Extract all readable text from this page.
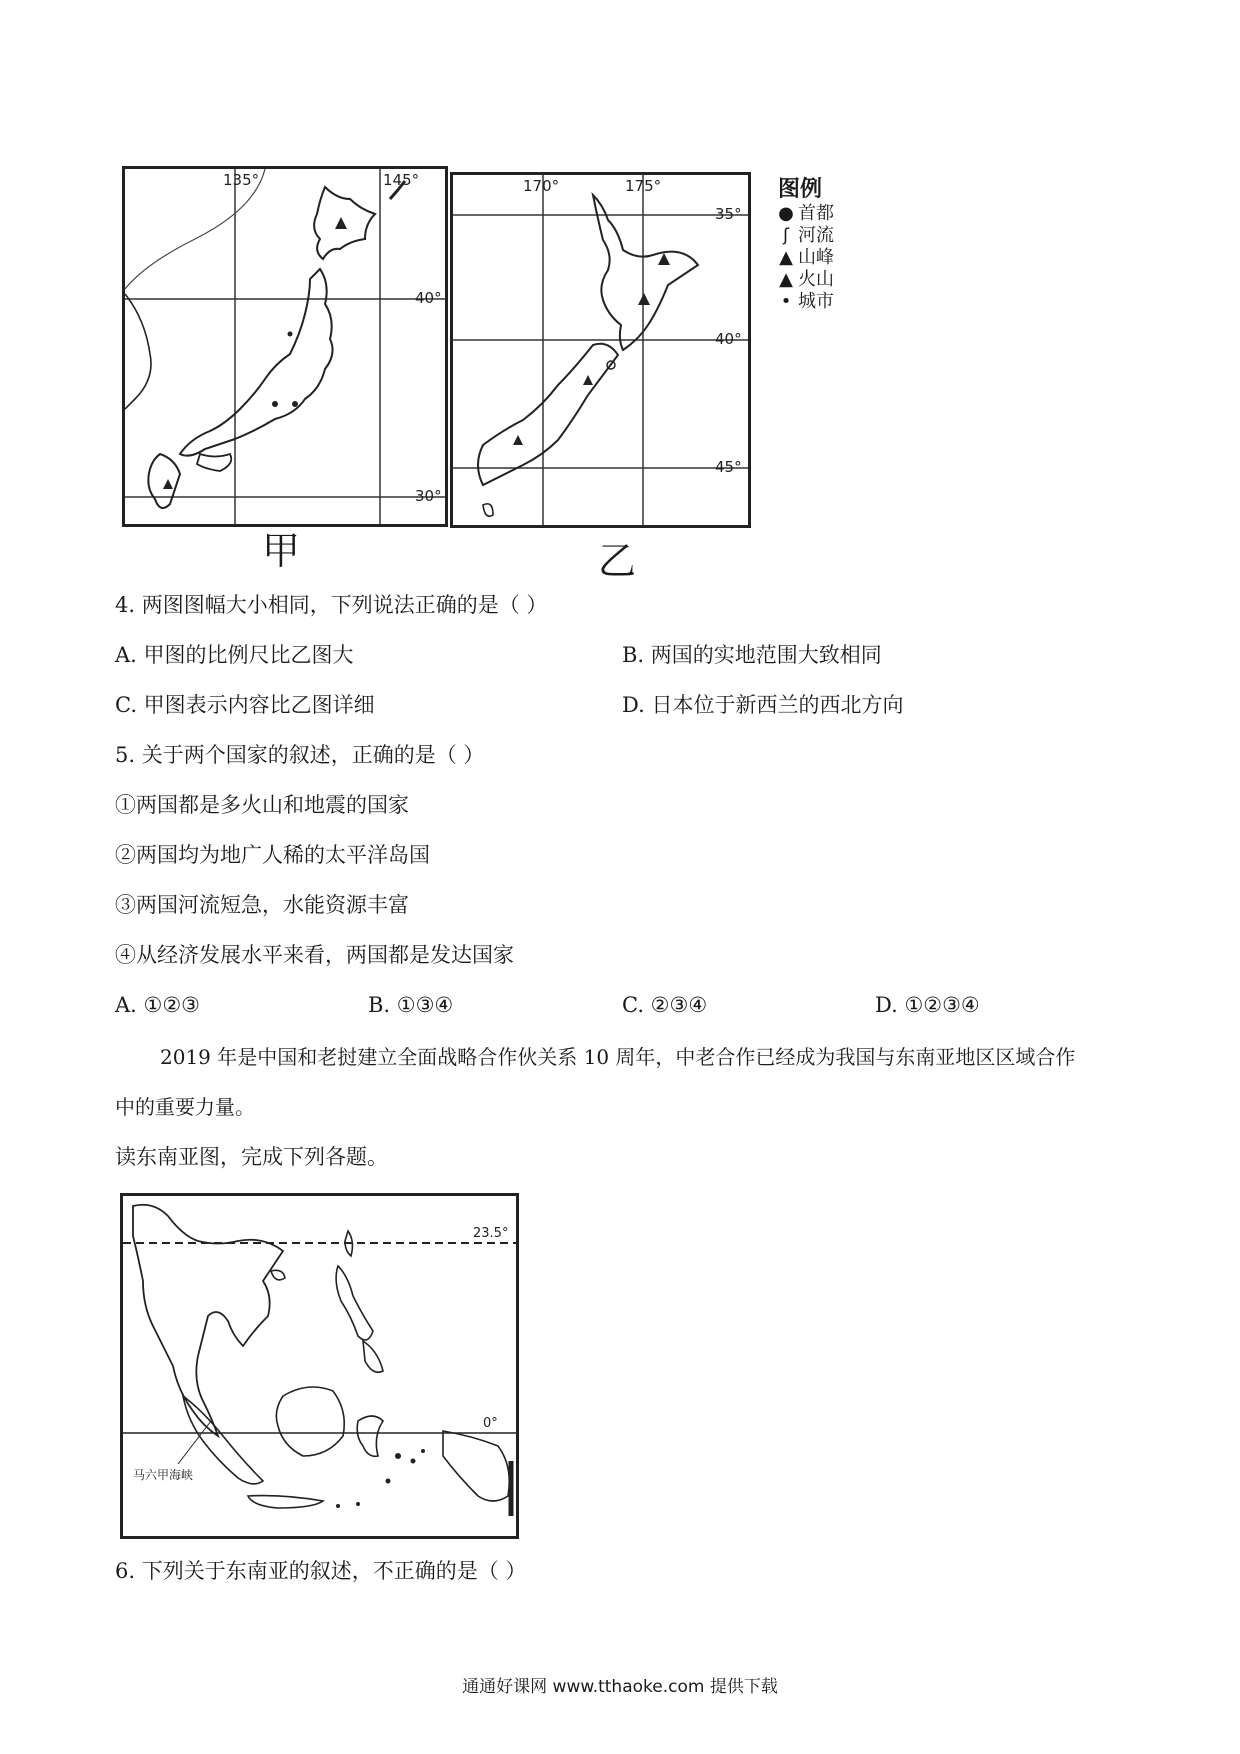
135°	145°
40°
30°
甲
170°	175°
35°
40°
45°
乙
图例
● 首都
ʃ 河流
▲ 山峰
▲ 火山
• 城市
4. 两图图幅大小相同，下列说法正确的是（ ）
A. 甲图的比例尺比乙图大	B. 两国的实地范围大致相同
C. 甲图表示内容比乙图详细	D. 日本位于新西兰的西北方向
5. 关于两个国家的叙述，正确的是（ ）
①两国都是多火山和地震的国家
②两国均为地广人稀的太平洋岛国
③两国河流短急，水能资源丰富
④从经济发展水平来看，两国都是发达国家
A. ①②③	B. ①③④	C. ②③④	D. ①②③④
2019 年是中国和老挝建立全面战略合作伙关系 10 周年，中老合作已经成为我国与东南亚地区区域合作
中的重要力量。
读东南亚图，完成下列各题。
23.5°
0°
马六甲海峡
6. 下列关于东南亚的叙述，不正确的是（ ）
通通好课网 www.tthaoke.com 提供下载
